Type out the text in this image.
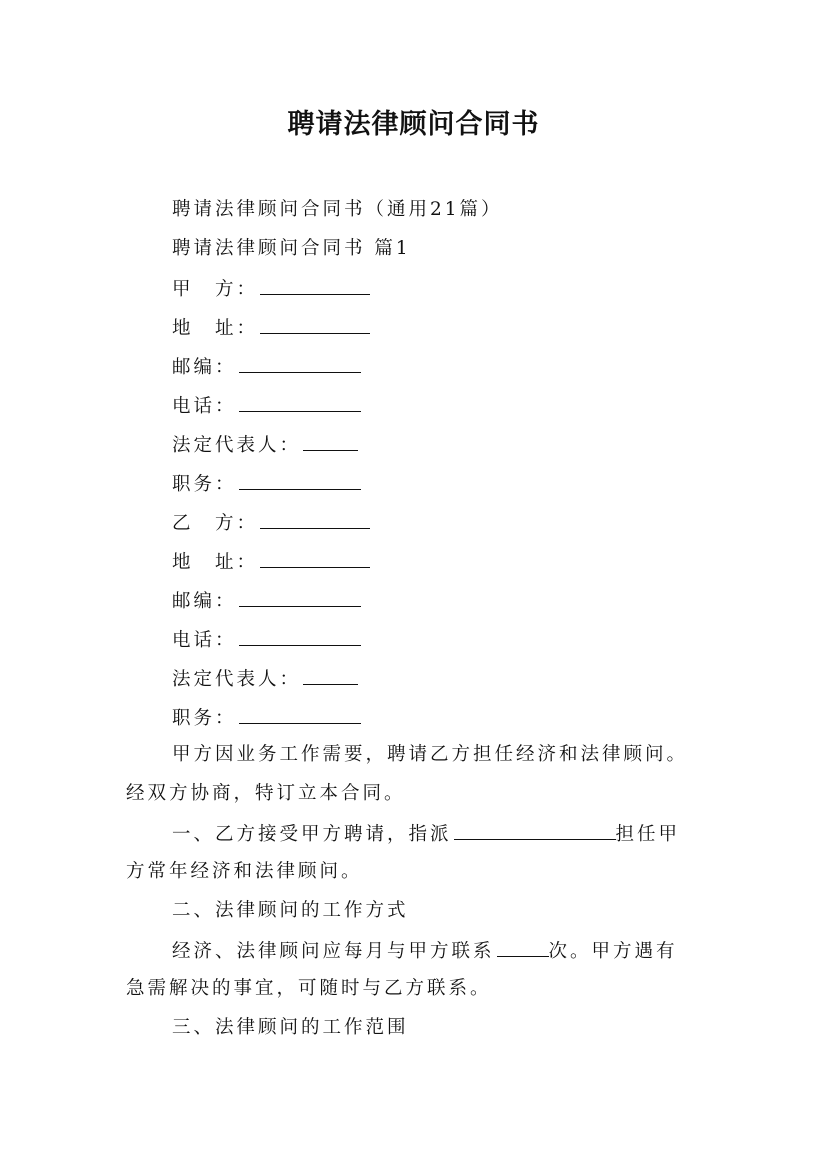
聘请法律顾问合同书
聘请法律顾问合同书（通用21篇）
聘请法律顾问合同书 篇1
甲　方：
地　址：
邮编：
电话：
法定代表人：
职务：
乙　方：
地　址：
邮编：
电话：
法定代表人：
职务：
甲方因业务工作需要，聘请乙方担任经济和法律顾问。
经双方协商，特订立本合同。
一、乙方接受甲方聘请，指派	担任甲
方常年经济和法律顾问。
二、法律顾问的工作方式
经济、法律顾问应每月与甲方联系	次。甲方遇有
急需解决的事宜，可随时与乙方联系。
三、法律顾问的工作范围
